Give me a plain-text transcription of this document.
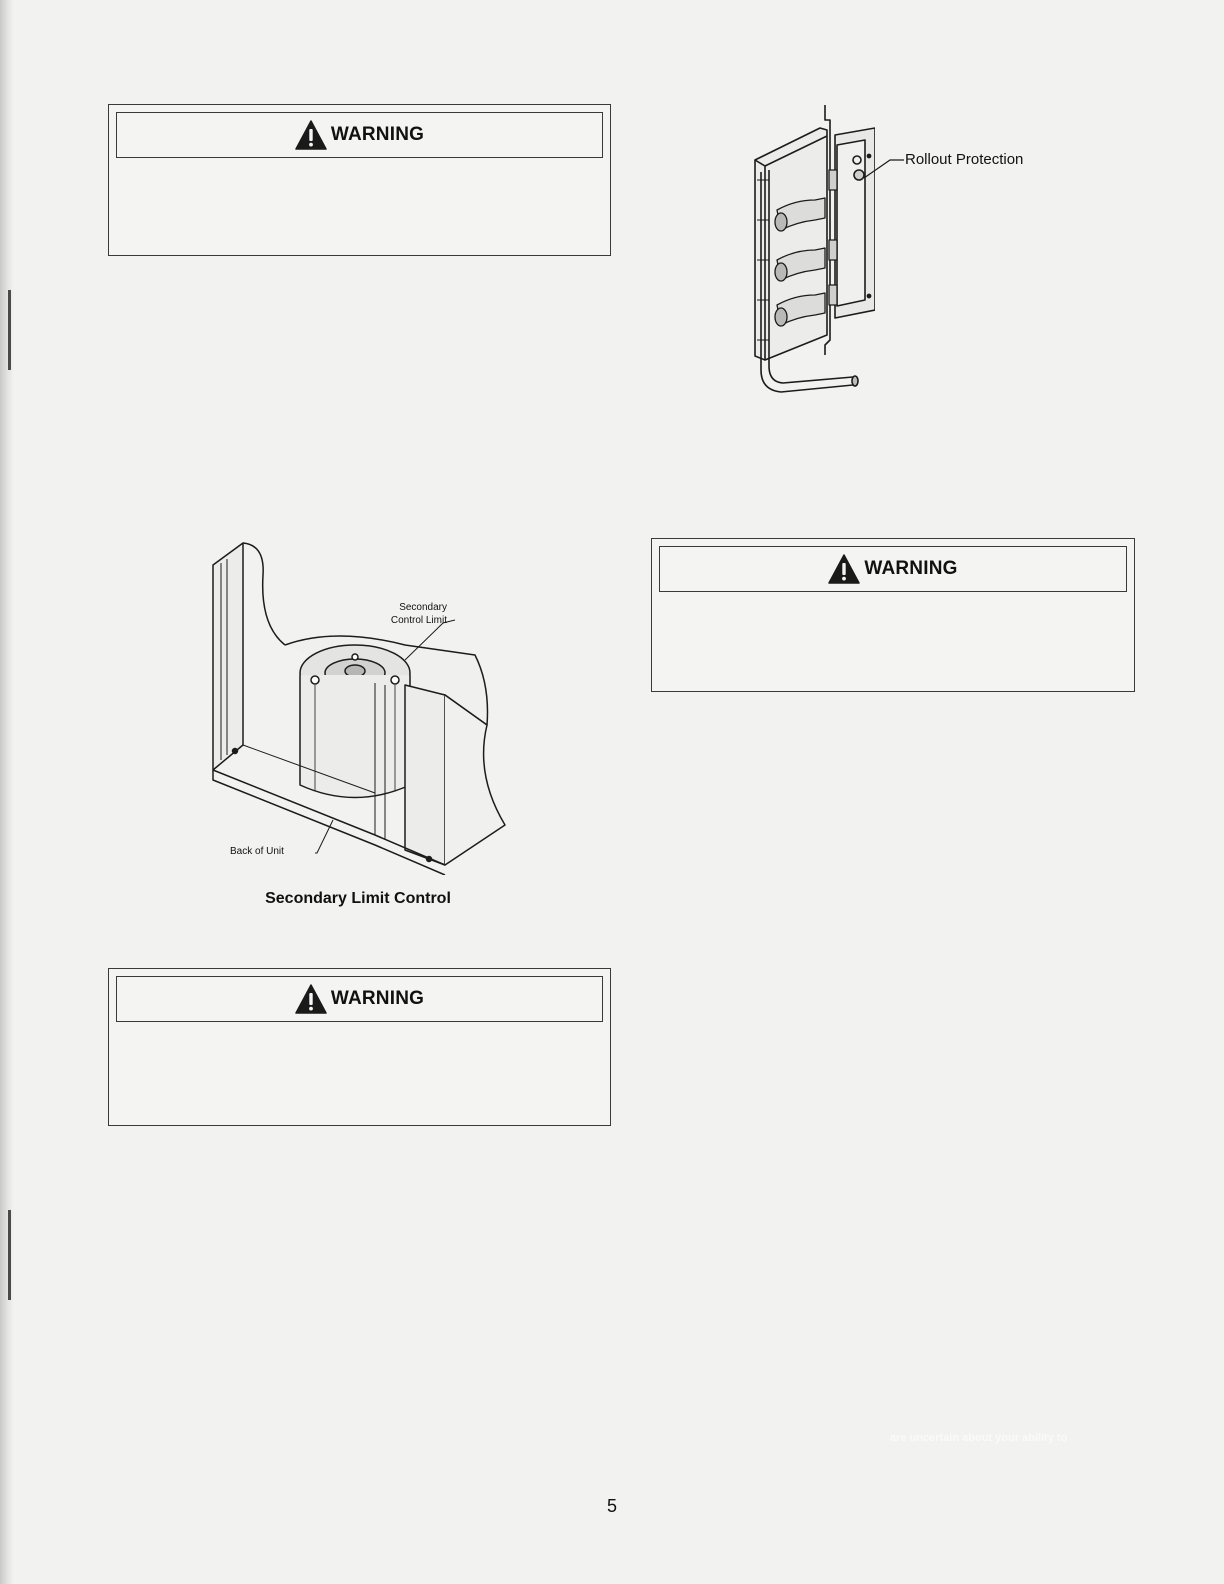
WARNING
WARNING
WARNING
Rollout Protection
Secondary Control Limit
Back of Unit
Secondary Limit Control
are uncertain about your ability to
5
